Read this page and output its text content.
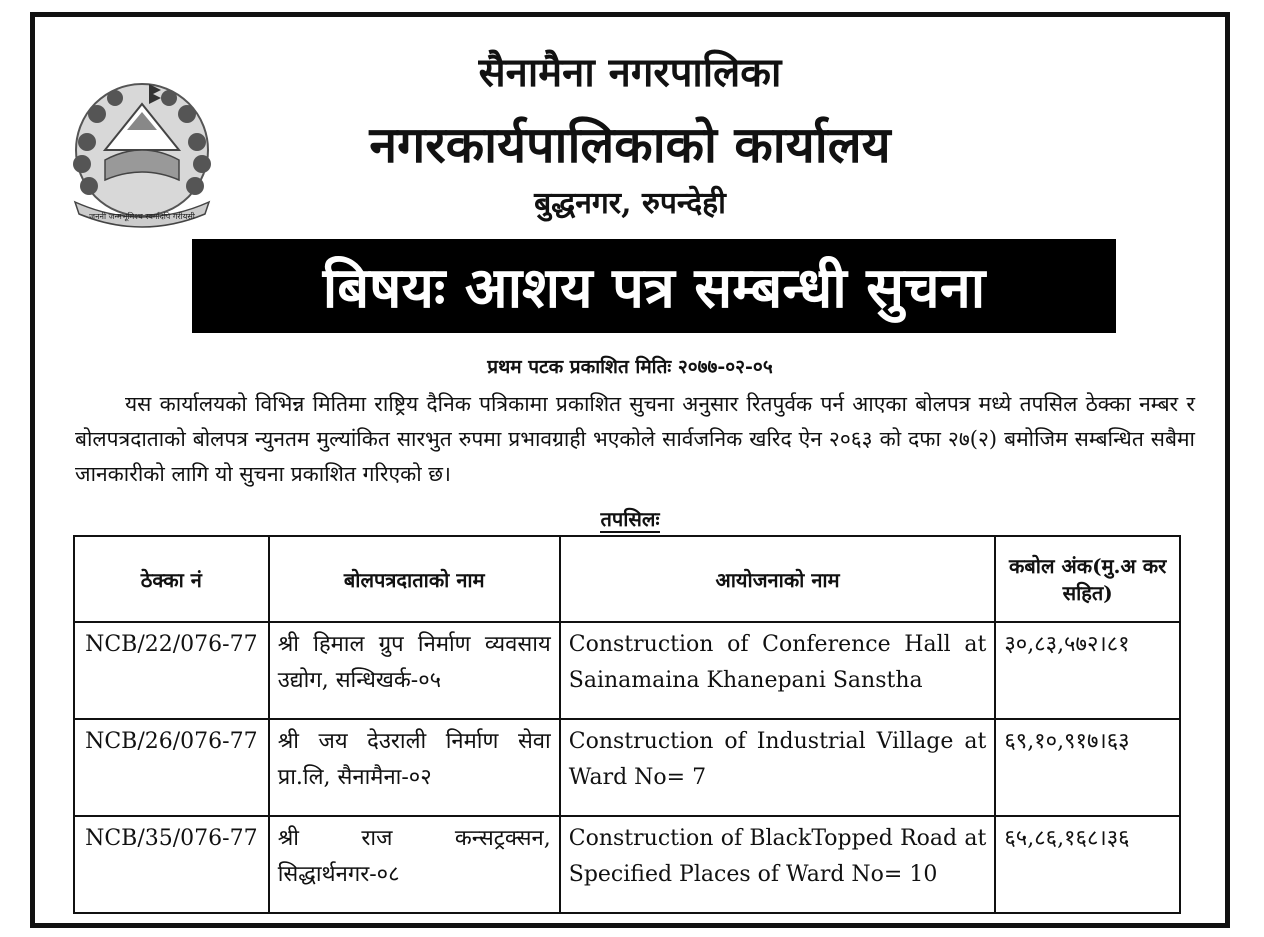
जननी जन्मभूमिश्च स्वर्गादपि गरीयसी
सैनामैना नगरपालिका
नगरकार्यपालिकाको कार्यालय
बुद्धनगर, रुपन्देही
बिषयः आशय पत्र सम्बन्धी सुचना
प्रथम पटक प्रकाशित मितिः २०७७-०२-०५
यस कार्यालयको विभिन्न मितिमा राष्ट्रिय दैनिक पत्रिकामा प्रकाशित सुचना अनुसार रितपुर्वक पर्न आएका बोलपत्र मध्ये तपसिल ठेक्का नम्बर र बोलपत्रदाताको बोलपत्र न्युनतम मुल्यांकित सारभुत रुपमा प्रभावग्राही भएकोले सार्वजनिक खरिद ऐन २०६३ को दफा २७(२) बमोजिम सम्बन्धित सबैमा जानकारीको लागि यो सुचना प्रकाशित गरिएको छ।
तपसिलः
ठेक्का नं	बोलपत्रदाताको नाम	आयोजनाको नाम	कबोल अंक(मु.अ कर सहित)
NCB/22/076-77	श्री हिमाल ग्रुप निर्माण व्यवसाय उद्योग, सन्धिखर्क-०५	Construction of Conference Hall at Sainamaina Khanepani Sanstha	३०,८३,५७२।८१
NCB/26/076-77	श्री जय देउराली निर्माण सेवा प्रा.लि, सैनामैना-०२	Construction of Industrial Village at Ward No= 7	६९,१०,९१७।६३
NCB/35/076-77	श्री राज कन्सट्रक्सन, सिद्धार्थनगर-०८	Construction of BlackTopped Road at Specified Places of Ward No= 10	६५,८६,१६८।३६
